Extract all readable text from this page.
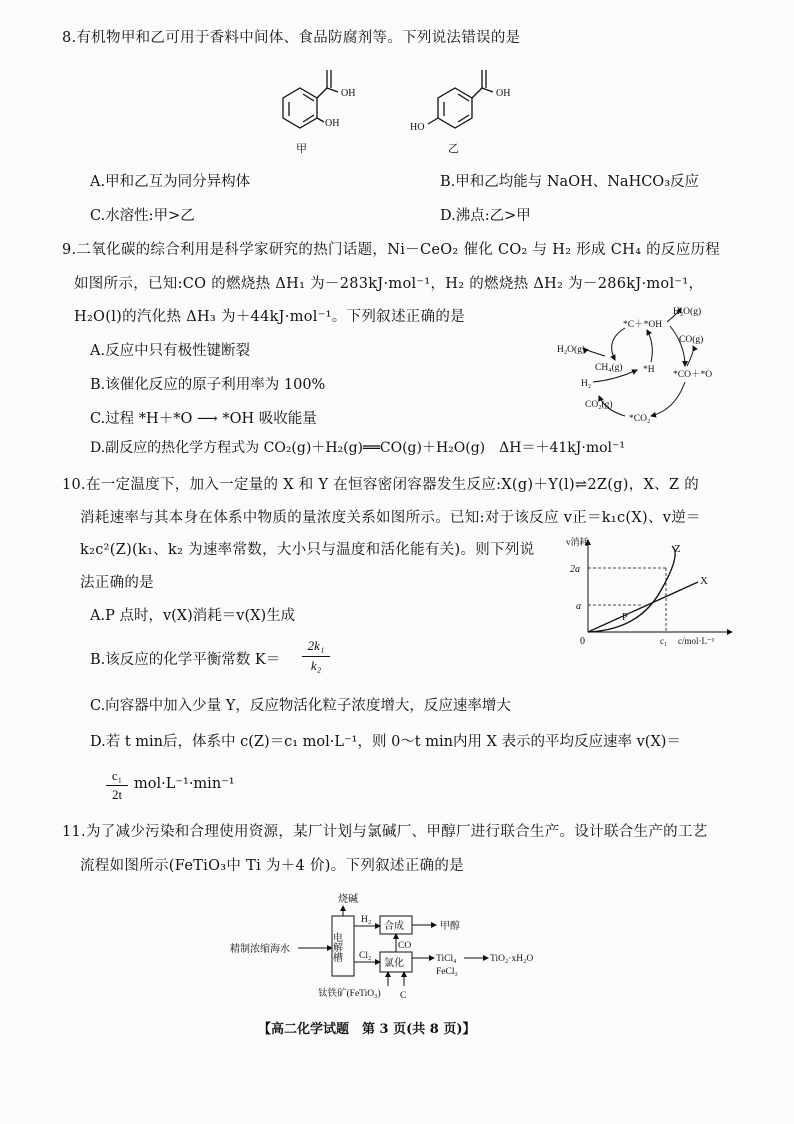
8.有机物甲和乙可用于香料中间体、食品防腐剂等。下列说法错误的是
OH
OH
甲
OH
HO
乙
A.甲和乙互为同分异构体	B.甲和乙均能与 NaOH、NaHCO₃反应
C.水溶性:甲>乙	D.沸点:乙>甲
9.二氧化碳的综合利用是科学家研究的热门话题，Ni－CeO₂ 催化 CO₂ 与 H₂ 形成 CH₄ 的反应历程
如图所示，已知:CO 的燃烧热 ΔH₁ 为－283kJ·mol⁻¹，H₂ 的燃烧热 ΔH₂ 为－286kJ·mol⁻¹，
H₂O(l)的汽化热 ΔH₃ 为＋44kJ·mol⁻¹。下列叙述正确的是
A.反应中只有极性键断裂
B.该催化反应的原子利用率为 100%
C.过程 *H＋*O ⟶ *OH 吸收能量
D.副反应的热化学方程式为 CO₂(g)＋H₂(g)══CO(g)＋H₂O(g)　ΔH＝＋41kJ·mol⁻¹
H₂O(g)
*C＋*OH
CO(g)
H₂O(g)
CH₄(g) *H *CO＋*O
H₂
CO₂(g)
*CO₂
10.在一定温度下，加入一定量的 X 和 Y 在恒容密闭容器发生反应:X(g)＋Y(l)⇌2Z(g)，X、Z 的
消耗速率与其本身在体系中物质的量浓度关系如图所示。已知:对于该反应 v正＝k₁c(X)、v逆＝
k₂c²(Z)(k₁、k₂ 为速率常数，大小只与温度和活化能有关)。则下列说
法正确的是
A.P 点时，v(X)消耗＝v(X)生成
B.该反应的化学平衡常数 K＝
2k₁
k₂
C.向容器中加入少量 Y，反应物活化粒子浓度增大，反应速率增大
D.若 t min后，体系中 c(Z)＝c₁ mol·L⁻¹，则 0～t min内用 X 表示的平均反应速率 v(X)＝
c₁
2t
mol·L⁻¹·min⁻¹
v消耗
2a
a
0	c₁ c/mol·L⁻¹
Z
X
P
11.为了减少污染和合理使用资源，某厂计划与氯碱厂、甲醇厂进行联合生产。设计联合生产的工艺
流程如图所示(FeTiO₃中 Ti 为＋4 价)。下列叙述正确的是
烧碱
精制浓缩海水	电解槽
H₂
合成	甲醇
CO
Cl₂
氯化	TiCl₄
FeCl₃
TiO₂·xH₂O
钛铁矿(FeTiO₃) C
【高二化学试题　第 3 页(共 8 页)】
